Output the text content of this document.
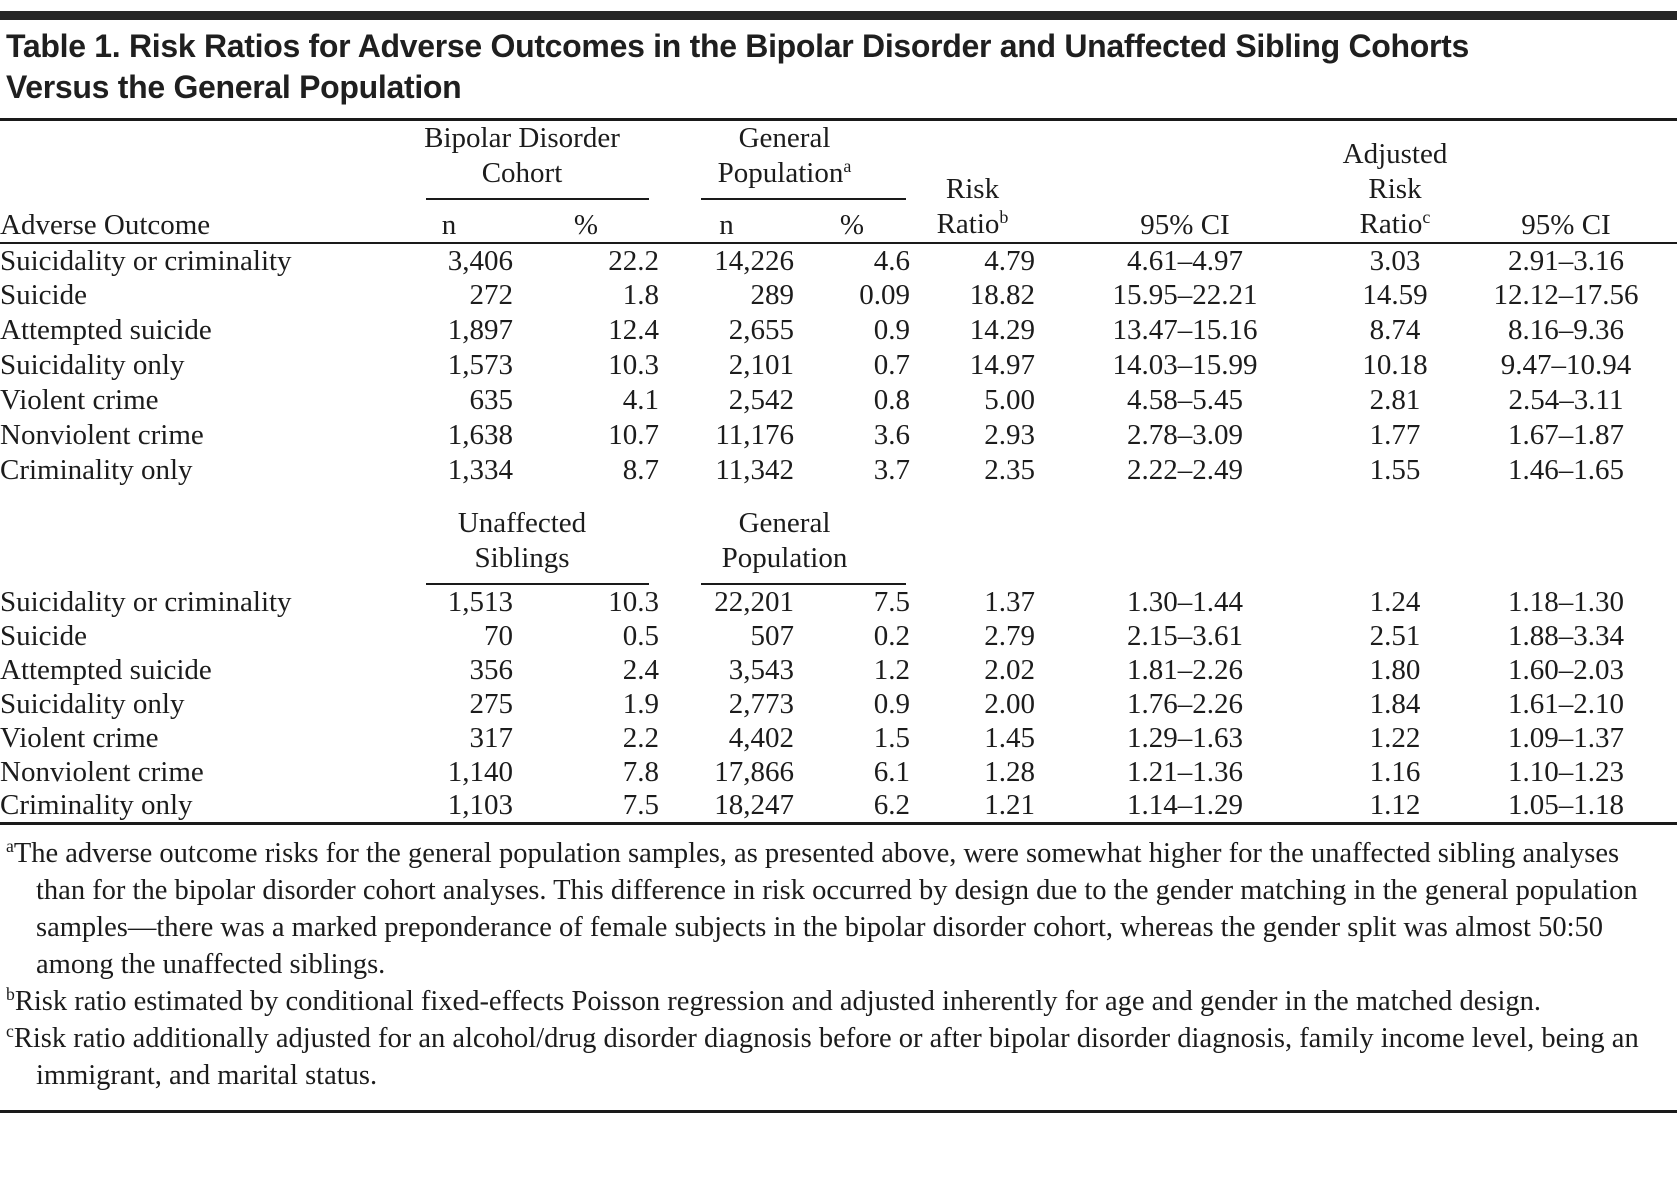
Table 1. Risk Ratios for Adverse Outcomes in the Bipolar Disorder and Unaffected Sibling Cohorts
Versus the General Population
Adverse Outcome	Bipolar Disorder Cohort		General Population$^a$		Risk Ratio$^b$	95% CI	Adjusted Risk Ratio$^c$	95% CI
	n	%	n	%				
Suicidality or criminality	3,406	22.2	14,226	4.6	4.79	4.61–4.97	3.03	2.91–3.16
Suicide	272	1.8	289	0.09	18.82	15.95–22.21	14.59	12.12–17.56
Attempted suicide	1,897	12.4	2,655	0.9	14.29	13.47–15.16	8.74	8.16–9.36
Suicidality only	1,573	10.3	2,101	0.7	14.97	14.03–15.99	10.18	9.47–10.94
Violent crime	635	4.1	2,542	0.8	5.00	4.58–5.45	2.81	2.54–3.11
Nonviolent crime	1,638	10.7	11,176	3.6	2.93	2.78–3.09	1.77	1.67–1.87
Criminality only	1,334	8.7	11,342	3.7	2.35	2.22–2.49	1.55	1.46–1.65

	Unaffected Siblings		General Population					

Suicidality or criminality	1,513	10.3	22,201	7.5	1.37	1.30–1.44	1.24	1.18–1.30
Suicide	70	0.5	507	0.2	2.79	2.15–3.61	2.51	1.88–3.34
Attempted suicide	356	2.4	3,543	1.2	2.02	1.81–2.26	1.80	1.60–2.03
Suicidality only	275	1.9	2,773	0.9	2.00	1.76–2.26	1.84	1.61–2.10
Violent crime	317	2.2	4,402	1.5	1.45	1.29–1.63	1.22	1.09–1.37
Nonviolent crime	1,140	7.8	17,866	6.1	1.28	1.21–1.36	1.16	1.10–1.23
Criminality only	1,103	7.5	18,247	6.2	1.21	1.14–1.29	1.12	1.05–1.18

$^a$The adverse outcome risks for the general population samples, as presented above, were somewhat higher for the unaffected sibling analyses than for the bipolar disorder cohort analyses. This difference in risk occurred by design due to the gender matching in the general population samples—there was a marked preponderance of female subjects in the bipolar disorder cohort, whereas the gender split was almost 50:50 among the unaffected siblings.

$^b$Risk ratio estimated by conditional fixed-effects Poisson regression and adjusted inherently for age and gender in the matched design.

$^c$Risk ratio additionally adjusted for an alcohol/drug disorder diagnosis before or after bipolar disorder diagnosis, family income level, being an immigrant, and marital status.
